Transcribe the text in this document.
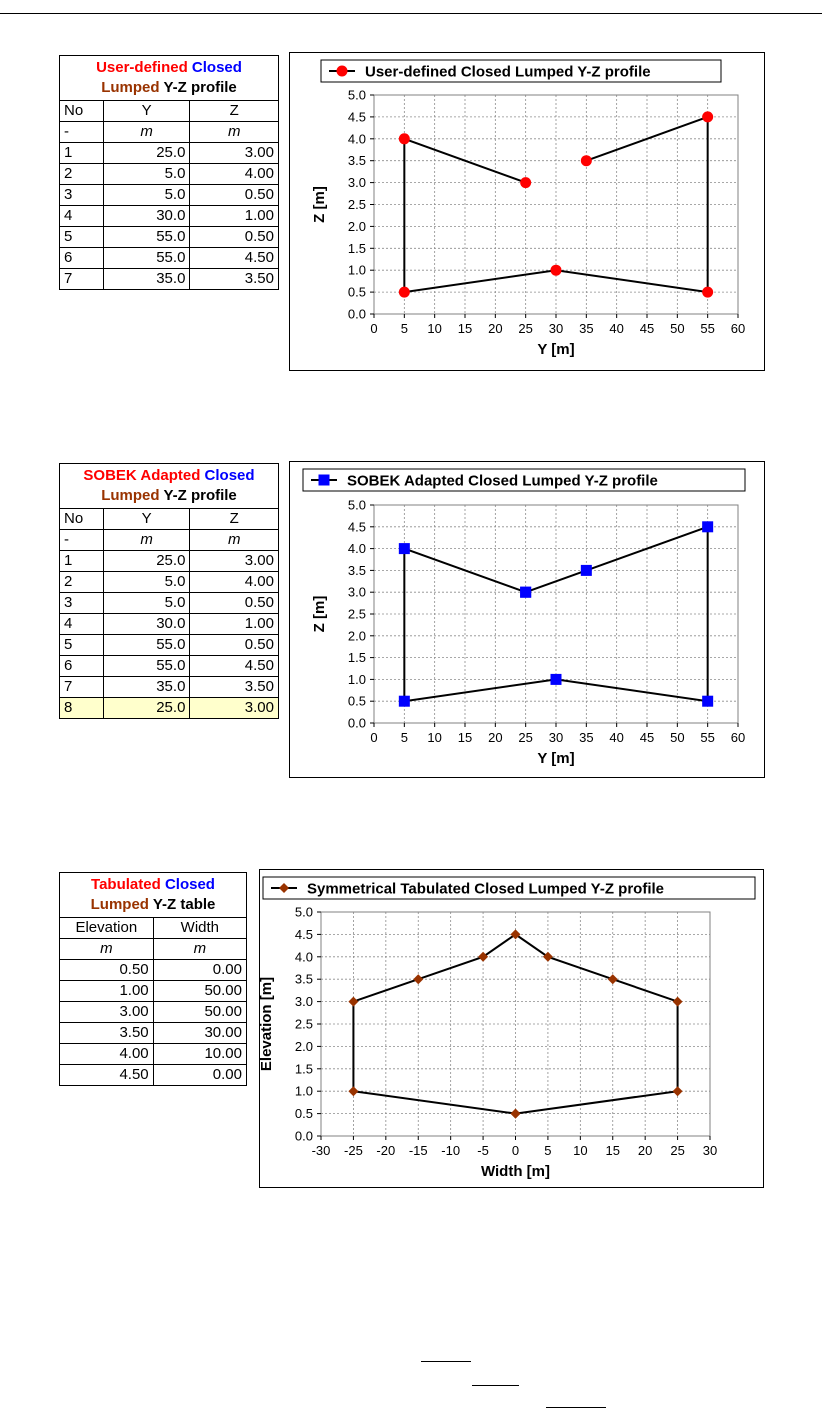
User-defined Closed
Lumped Y-Z profile		
No	Y	Z
-	m	m
1	25.0	3.00
2	5.0	4.00
3	5.0	0.50
4	30.0	1.00
5	55.0	0.50
6	55.0	4.50
7	35.0	3.50
SOBEK Adapted Closed
Lumped Y-Z profile		
No	Y	Z
-	m	m
1	25.0	3.00
2	5.0	4.00
3	5.0	0.50
4	30.0	1.00
5	55.0	0.50
6	55.0	4.50
7	35.0	3.50
8	25.0	3.00
Tabulated Closed
Lumped Y-Z table	
Elevation	Width
m	m
0.50	0.00
1.00	50.00
3.00	50.00
3.50	30.00
4.00	10.00
4.50	0.00
0 5 10 15 20 25 30 35 40 45 50 55 60
0.0
0.5
1.0
1.5
2.0
2.5
3.0
3.5
4.0
4.5
5.0
Y [m]
Z [m]
User-defined Closed Lumped Y-Z profile
0 5 10 15 20 25 30 35 40 45 50 55 60
0.0
0.5
1.0
1.5
2.0
2.5
3.0
3.5
4.0
4.5
5.0
Y [m]
Z [m]
SOBEK Adapted Closed Lumped Y-Z profile
-30 -25 -20 -15 -10 -5 0 5 10 15 20 25 30
0.0
0.5
1.0
1.5
2.0
2.5
3.0
3.5
4.0
4.5
5.0
Width [m]
Elevation [m]
Symmetrical Tabulated Closed Lumped Y-Z profile
